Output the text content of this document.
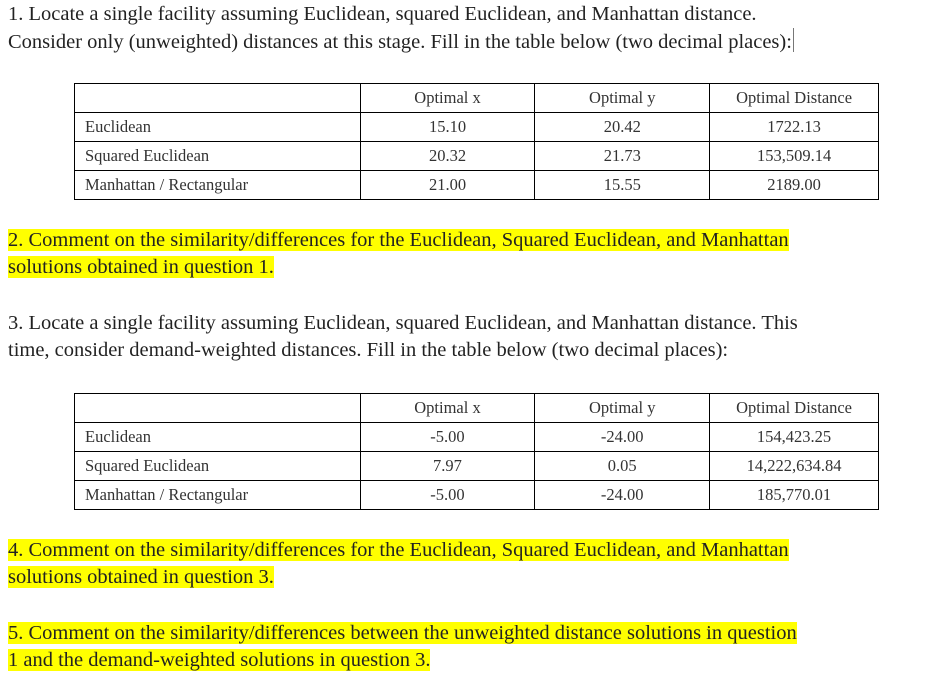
1. Locate a single facility assuming Euclidean, squared Euclidean, and Manhattan distance.
Consider only (unweighted) distances at this stage. Fill in the table below (two decimal places):

	Optimal x	Optimal y	Optimal Distance
Euclidean	15.10	20.42	1722.13
Squared Euclidean	20.32	21.73	153,509.14
Manhattan / Rectangular	21.00	15.55	2189.00

2. Comment on the similarity/differences for the Euclidean, Squared Euclidean, and Manhattan
solutions obtained in question 1.

3. Locate a single facility assuming Euclidean, squared Euclidean, and Manhattan distance. This
time, consider demand-weighted distances. Fill in the table below (two decimal places):

	Optimal x	Optimal y	Optimal Distance
Euclidean	-5.00	-24.00	154,423.25
Squared Euclidean	7.97	0.05	14,222,634.84
Manhattan / Rectangular	-5.00	-24.00	185,770.01

4. Comment on the similarity/differences for the Euclidean, Squared Euclidean, and Manhattan
solutions obtained in question 3.

5. Comment on the similarity/differences between the unweighted distance solutions in question
1 and the demand-weighted solutions in question 3.
